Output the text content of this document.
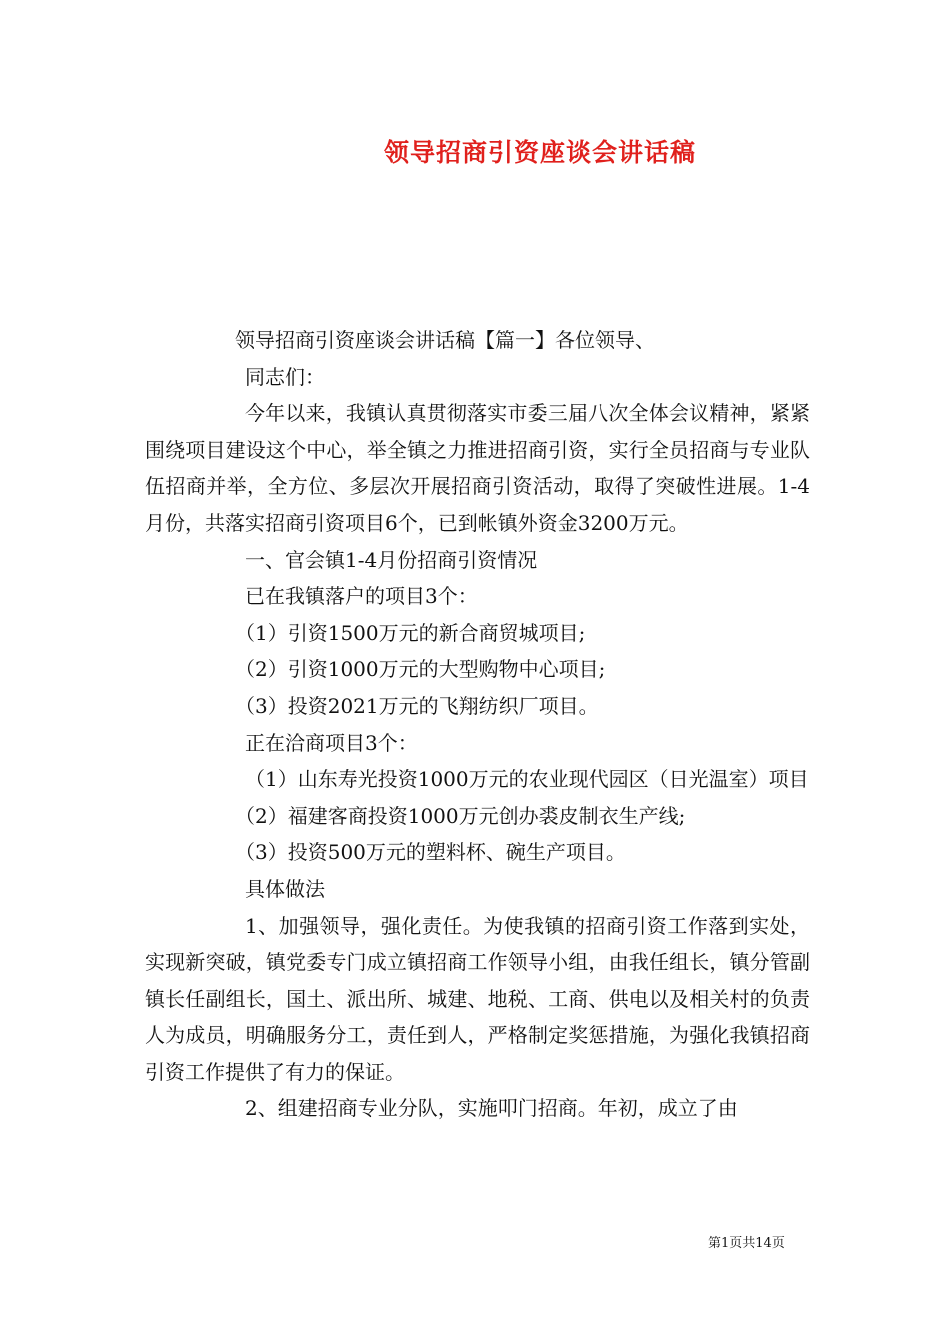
领导招商引资座谈会讲话稿

领导招商引资座谈会讲话稿【篇一】各位领导、

同志们：

今年以来，我镇认真贯彻落实市委三届八次全体会议精神，紧紧围绕项目建设这个中心，举全镇之力推进招商引资，实行全员招商与专业队伍招商并举，全方位、多层次开展招商引资活动，取得了突破性进展。1-4月份，共落实招商引资项目6个，已到帐镇外资金3200万元。

一、官会镇1-4月份招商引资情况

已在我镇落户的项目3个：

（1）引资1500万元的新合商贸城项目;

（2）引资1000万元的大型购物中心项目;

（3）投资2021万元的飞翔纺织厂项目。

正在洽商项目3个：

（1）山东寿光投资1000万元的农业现代园区（日光温室）项目

（2）福建客商投资1000万元创办裘皮制衣生产线;

（3）投资500万元的塑料杯、碗生产项目。

具体做法

1、加强领导，强化责任。为使我镇的招商引资工作落到实处，实现新突破，镇党委专门成立镇招商工作领导小组，由我任组长，镇分管副镇长任副组长，国土、派出所、城建、地税、工商、供电以及相关村的负责人为成员，明确服务分工，责任到人，严格制定奖惩措施，为强化我镇招商引资工作提供了有力的保证。

2、组建招商专业分队，实施叩门招商。年初，成立了由

第1页共14页
